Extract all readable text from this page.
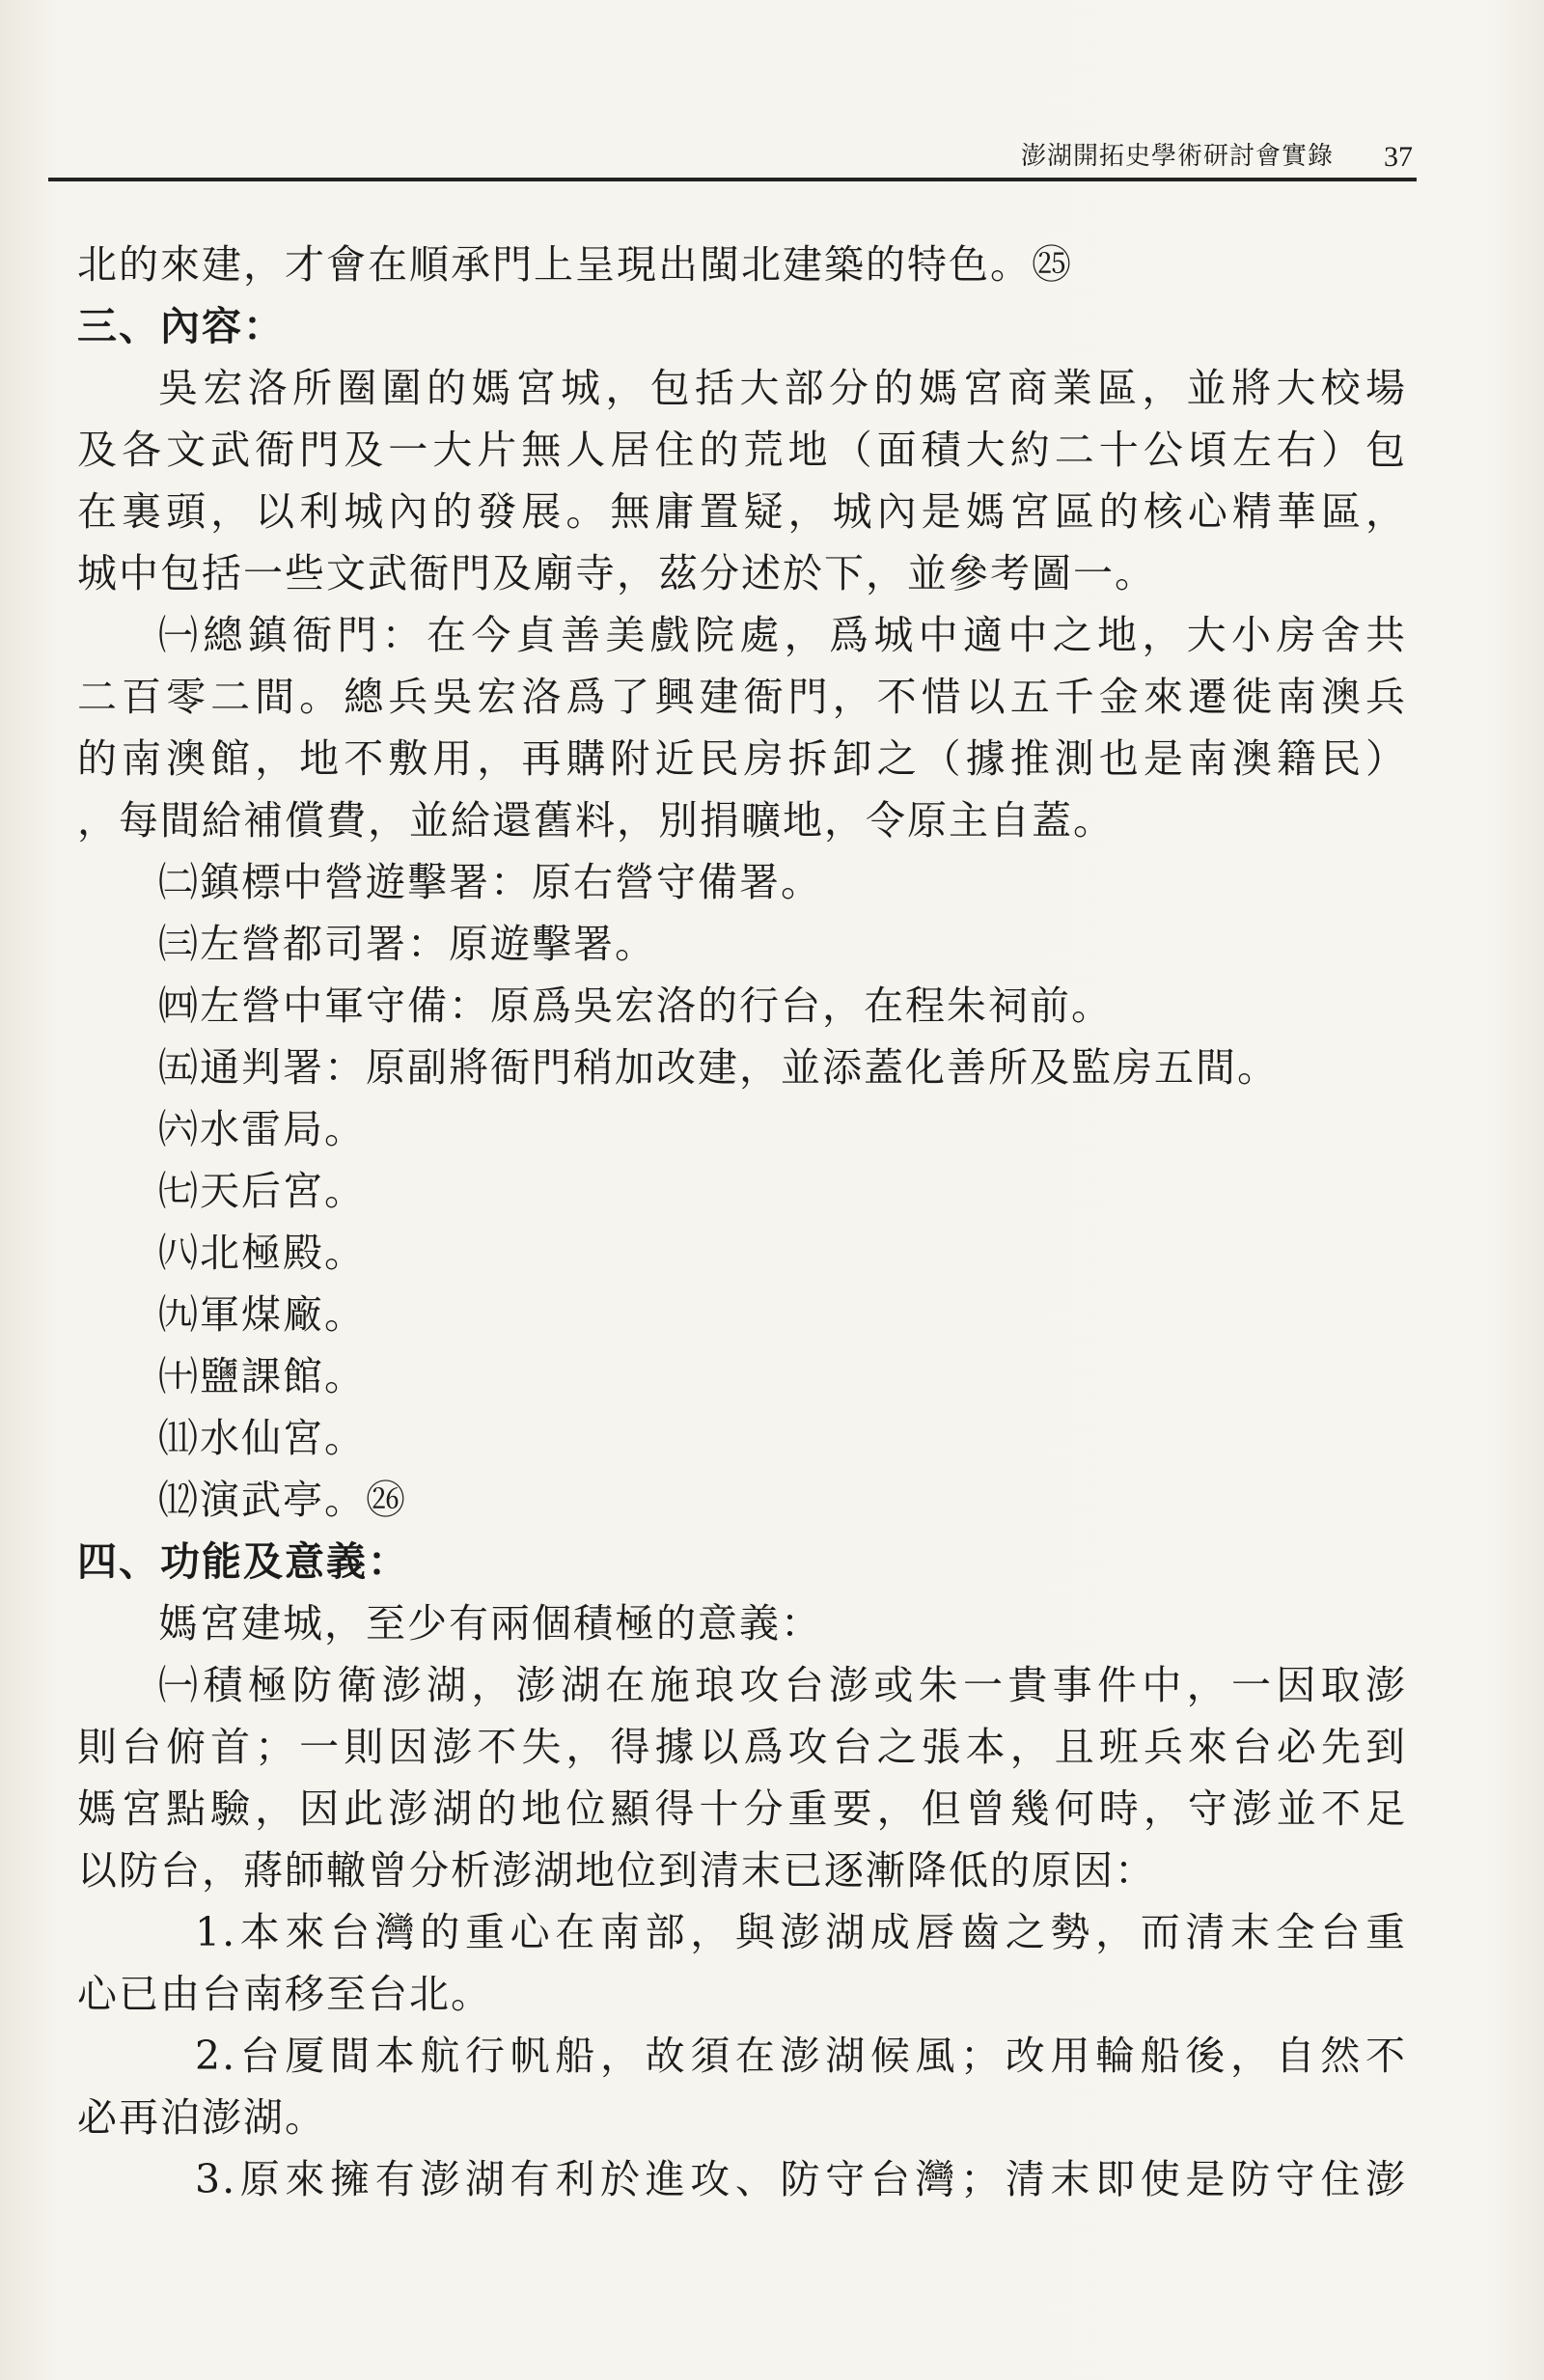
澎湖開拓史學術研討會實錄 37

北的來建，才會在順承門上呈現出閩北建築的特色。㉕

三、內容：

吳宏洛所圈圍的媽宮城，包括大部分的媽宮商業區，並將大校場

及各文武衙門及一大片無人居住的荒地（面積大約二十公頃左右）包

在裏頭，以利城內的發展。無庸置疑，城內是媽宮區的核心精華區，

城中包括一些文武衙門及廟寺，茲分述於下，並參考圖一。

㈠總鎮衙門：在今貞善美戲院處，爲城中適中之地，大小房舍共

二百零二間。總兵吳宏洛爲了興建衙門，不惜以五千金來遷徙南澳兵

的南澳館，地不敷用，再購附近民房拆卸之（據推測也是南澳籍民）

，每間給補償費，並給還舊料，別捐曠地，令原主自蓋。

㈡鎮標中營遊擊署：原右營守備署。

㈢左營都司署：原遊擊署。

㈣左營中軍守備：原爲吳宏洛的行台，在程朱祠前。

㈤通判署：原副將衙門稍加改建，並添蓋化善所及監房五間。

㈥水雷局。

㈦天后宮。

㈧北極殿。

㈨軍煤廠。

㈩鹽課館。

⑾水仙宮。

⑿演武亭。㉖

四、功能及意義：

媽宮建城，至少有兩個積極的意義：

㈠積極防衛澎湖，澎湖在施琅攻台澎或朱一貴事件中，一因取澎

則台俯首；一則因澎不失，得據以爲攻台之張本，且班兵來台必先到

媽宮點驗，因此澎湖的地位顯得十分重要，但曾幾何時，守澎並不足

以防台，蔣師轍曾分析澎湖地位到清末已逐漸降低的原因：

1.本來台灣的重心在南部，與澎湖成唇齒之勢，而清末全台重

心已由台南移至台北。

2.台厦間本航行帆船，故須在澎湖候風；改用輪船後，自然不

必再泊澎湖。

3.原來擁有澎湖有利於進攻、防守台灣；清末即使是防守住澎
